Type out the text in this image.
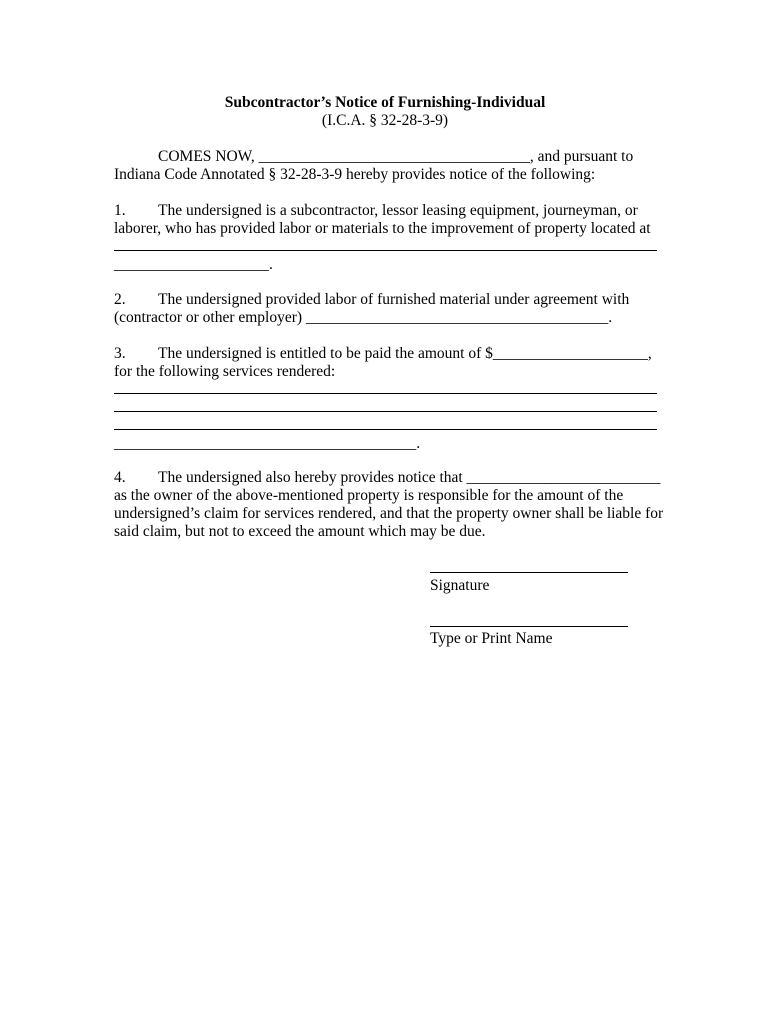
Subcontractor’s Notice of Furnishing-Individual
(I.C.A. § 32-28-3-9)
COMES NOW, ___________________________________, and pursuant to
Indiana Code Annotated § 32-28-3-9 hereby provides notice of the following:
1. The undersigned is a subcontractor, lessor leasing equipment, journeyman, or
laborer, who has provided labor or materials to the improvement of property located at
____________________.
2. The undersigned provided labor of furnished material under agreement with
(contractor or other employer) _______________________________________.
3. The undersigned is entitled to be paid the amount of $____________________,
for the following services rendered:
_______________________________________.
4. The undersigned also hereby provides notice that _________________________
as the owner of the above-mentioned property is responsible for the amount of the
undersigned’s claim for services rendered, and that the property owner shall be liable for
said claim, but not to exceed the amount which may be due.
Signature
Type or Print Name
